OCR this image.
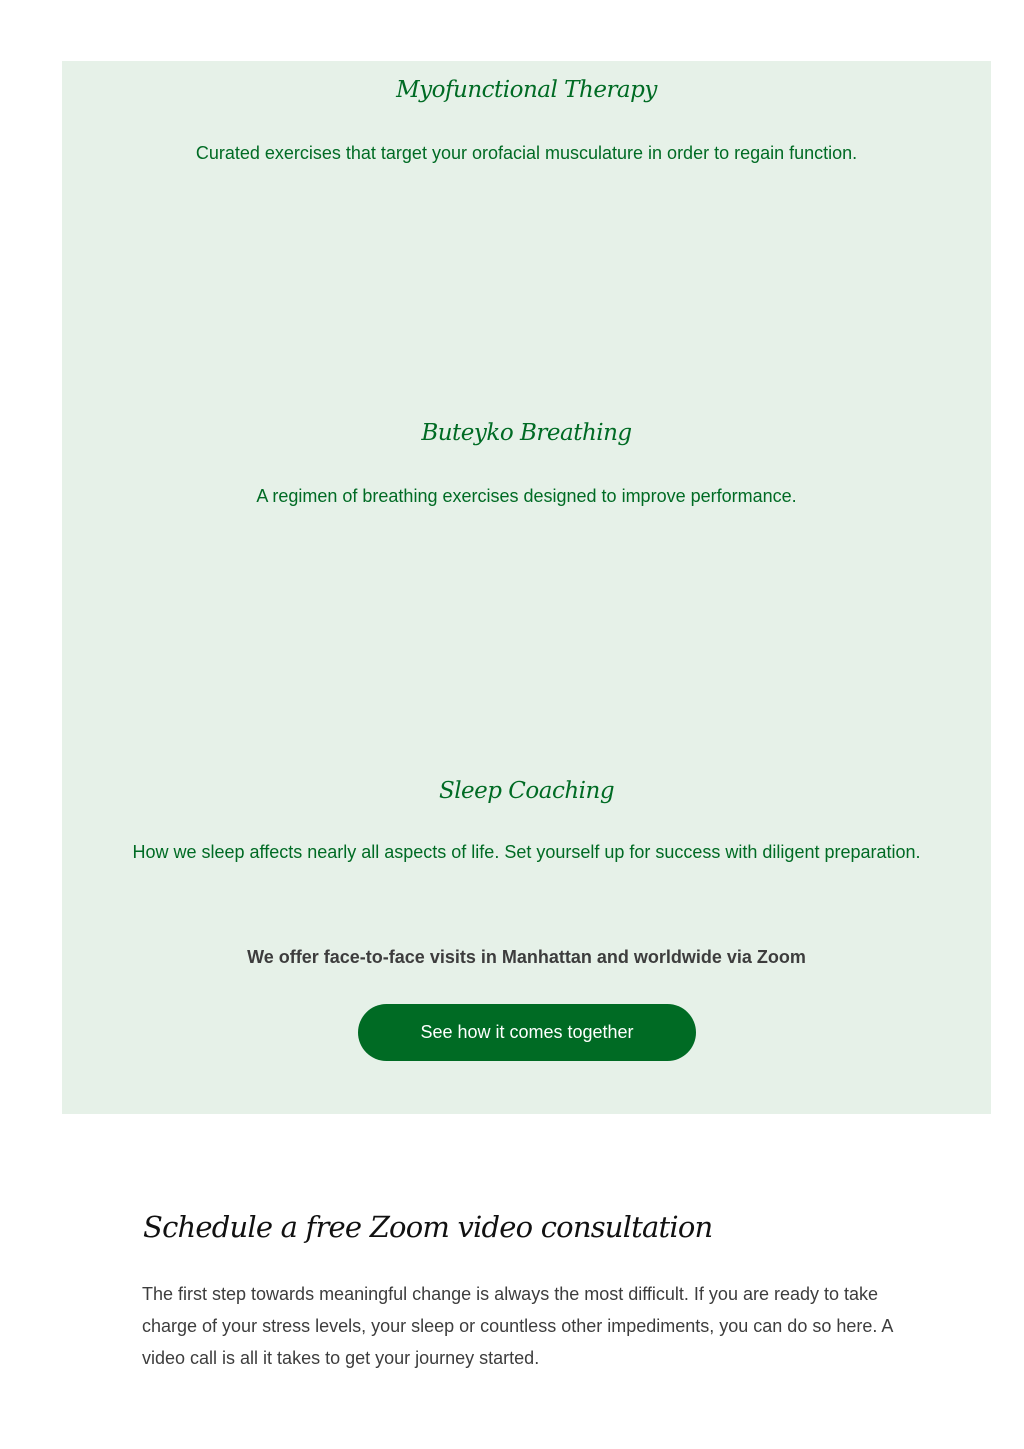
Myofunctional Therapy
Curated exercises that target your orofacial musculature in order to regain function.
Buteyko Breathing
A regimen of breathing exercises designed to improve performance.
Sleep Coaching
How we sleep affects nearly all aspects of life. Set yourself up for success with diligent preparation.
We offer face-to-face visits in Manhattan and worldwide via Zoom
See how it comes together
Schedule a free Zoom video consultation

The first step towards meaningful change is always the most difficult. If you are ready to take charge of your stress levels, your sleep or countless other impediments, you can do so here. A video call is all it takes to get your journey started.
